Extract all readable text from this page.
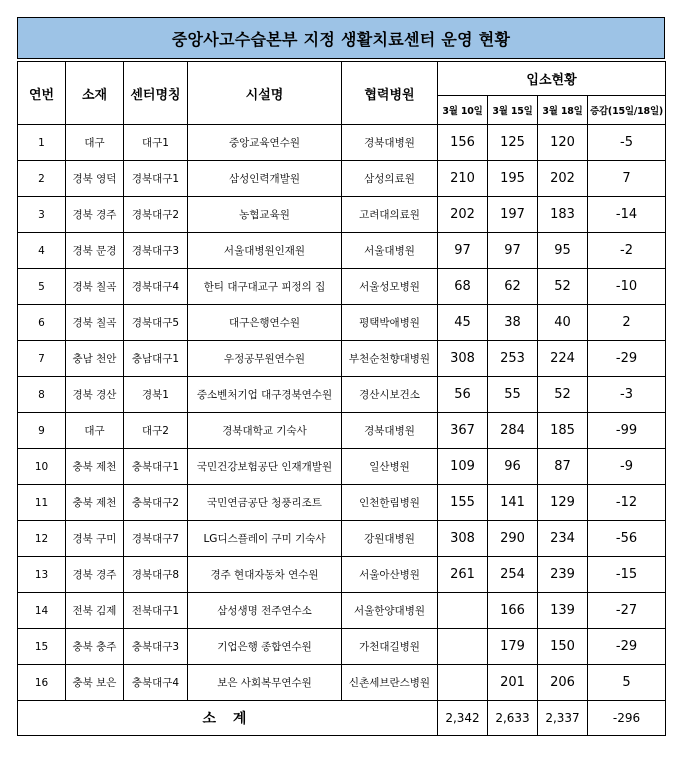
중앙사고수습본부 지정 생활치료센터 운영 현황
연번	소재	센터명칭	시설명	협력병원	입소현황			
					3월 10일	3월 15일	3월 18일	증감(15일/18일)
1	대구	대구1	중앙교육연수원	경북대병원	156	125	120	-5
2	경북 영덕	경북대구1	삼성인력개발원	삼성의료원	210	195	202	7
3	경북 경주	경북대구2	농협교육원	고려대의료원	202	197	183	-14
4	경북 문경	경북대구3	서울대병원인재원	서울대병원	97	97	95	-2
5	경북 칠곡	경북대구4	한티 대구대교구 피정의 집	서울성모병원	68	62	52	-10
6	경북 칠곡	경북대구5	대구은행연수원	평택박애병원	45	38	40	2
7	충남 천안	충남대구1	우정공무원연수원	부천순천향대병원	308	253	224	-29
8	경북 경산	경북1	중소벤처기업 대구경북연수원	경산시보건소	56	55	52	-3
9	대구	대구2	경북대학교 기숙사	경북대병원	367	284	185	-99
10	충북 제천	충북대구1	국민건강보험공단 인재개발원	일산병원	109	96	87	-9
11	충북 제천	충북대구2	국민연금공단 청풍리조트	인천한림병원	155	141	129	-12
12	경북 구미	경북대구7	LG디스플레이 구미 기숙사	강원대병원	308	290	234	-56
13	경북 경주	경북대구8	경주 현대자동차 연수원	서울아산병원	261	254	239	-15
14	전북 김제	전북대구1	삼성생명 전주연수소	서울한양대병원		166	139	-27
15	충북 충주	충북대구3	기업은행 종합연수원	가천대길병원		179	150	-29
16	충북 보은	충북대구4	보은 사회복무연수원	신촌세브란스병원		201	206	5
소 계					2,342	2,633	2,337	-296
